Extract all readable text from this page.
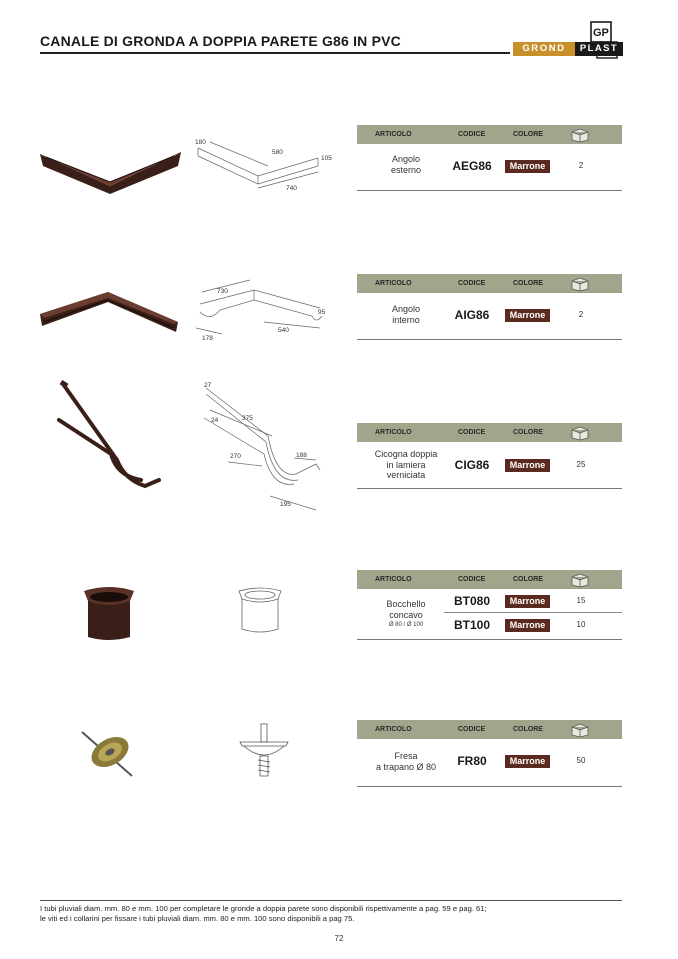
CANALE DI GRONDA A DOPPIA PARETE G86 IN PVC	GP
GROND	PLAST
180
580
105
740
ARTICOLO	CODICE	COLORE
Angolo
esterno	AEG86	Marrone	2
730
95
540
178
ARTICOLO	CODICE	COLORE
Angolo
interno	AIG86	Marrone	2
27
24	375
270	188
195
ARTICOLO	CODICE	COLORE
Cicogna doppia
in lamiera
verniciata
CIG86	Marrone	25
ARTICOLO	CODICE	COLORE
Bocchello
concavo
Ø 80 / Ø 100
BT080	Marrone	15
BT100	Marrone	10
ARTICOLO	CODICE	COLORE
Fresa
a trapano Ø 80	FR80	Marrone	50
I tubi pluviali diam. mm. 80 e mm. 100 per completare le gronde a doppia parete sono disponibili rispettivamente a pag. 59 e pag. 61;
le viti ed i collarini per fissare i tubi pluviali diam. mm. 80 e mm. 100 sono disponibili a pag 75.
72
